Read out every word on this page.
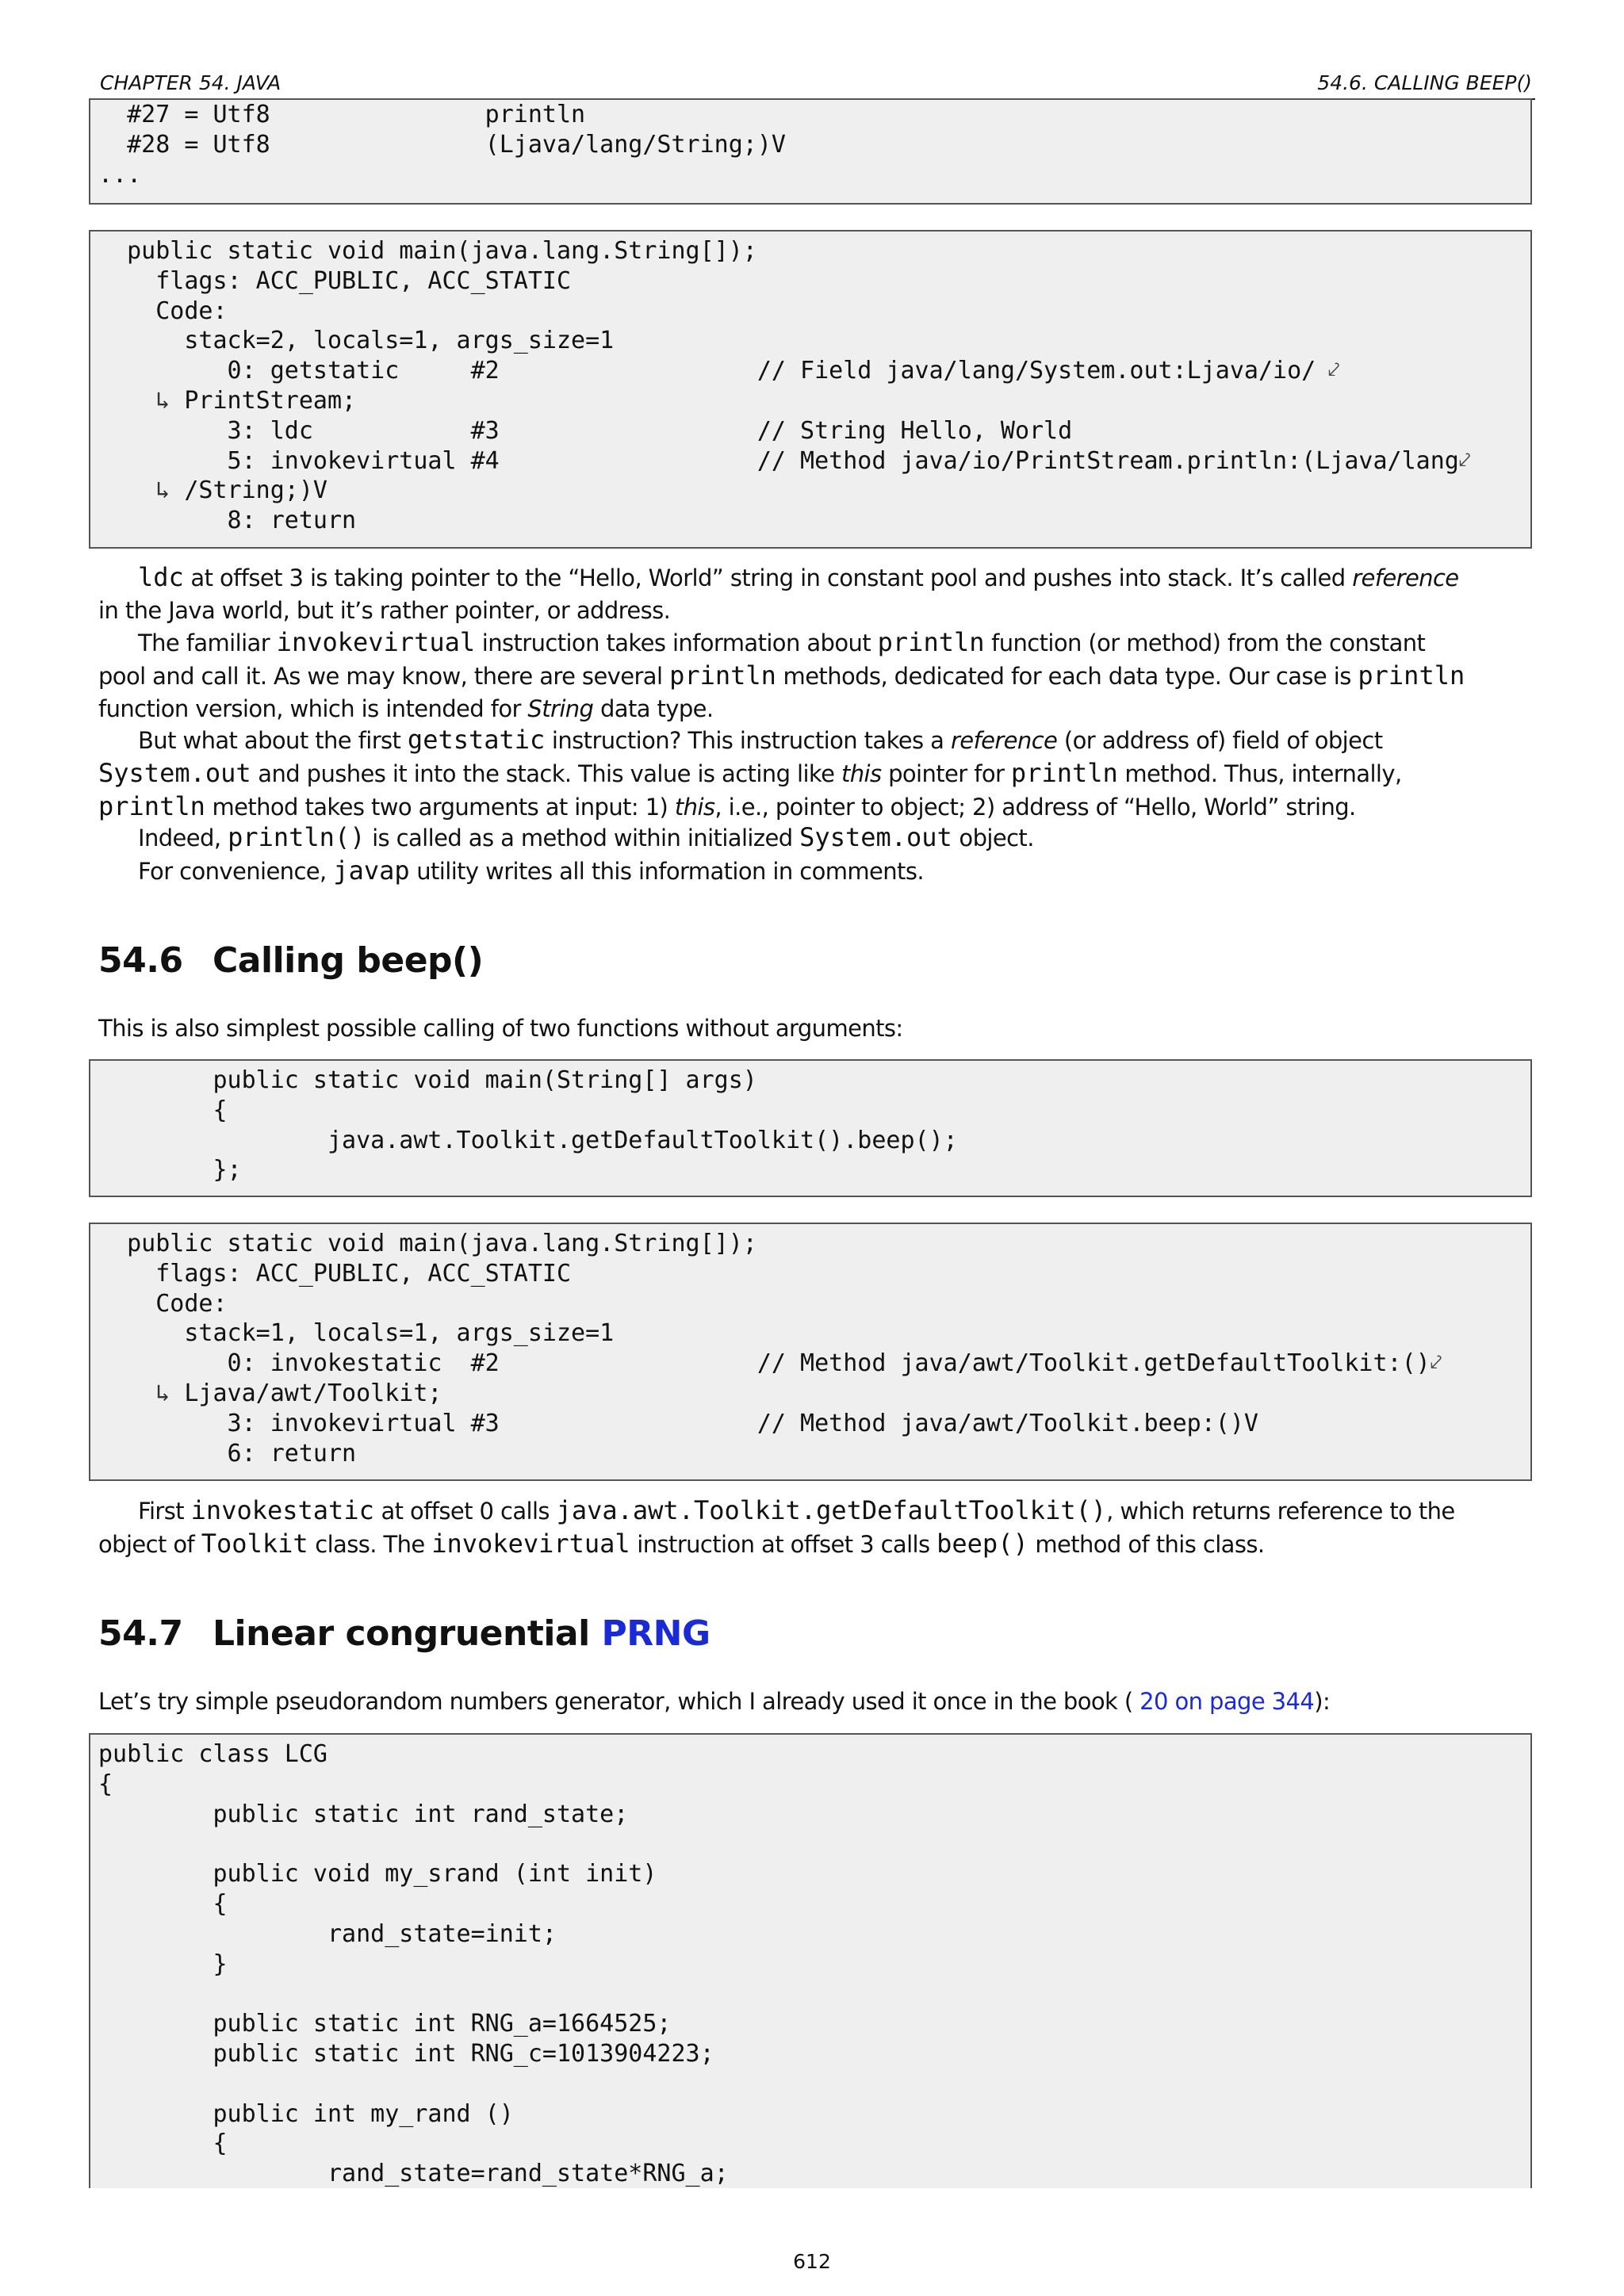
CHAPTER 54. JAVA	54.6. CALLING BEEP()
#27 = Utf8               println
#28 = Utf8               (Ljava/lang/String;)V
...
public static void main(java.lang.String[]);
flags: ACC_PUBLIC, ACC_STATIC
Code:
stack=2, locals=1, args_size=1
0: getstatic     #2                  // Field java/lang/System.out:Ljava/io/ ⤦
↳ PrintStream;
3: ldc           #3                  // String Hello, World
5: invokevirtual #4                  // Method java/io/PrintStream.println:(Ljava/lang ⤦
↳ /String;)V
8: return
ldc at offset 3 is taking pointer to the “Hello, World” string in constant pool and pushes into stack. It’s called reference
in the Java world, but it’s rather pointer, or address.
The familiar invokevirtual instruction takes information about println function (or method) from the constant
pool and call it. As we may know, there are several println methods, dedicated for each data type. Our case is println
function version, which is intended for String data type.
But what about the first getstatic instruction? This instruction takes a reference (or address of) field of object
System.out and pushes it into the stack. This value is acting like this pointer for println method. Thus, internally,
println method takes two arguments at input: 1) this, i.e., pointer to object; 2) address of “Hello, World” string.
Indeed, println() is called as a method within initialized System.out object.
For convenience, javap utility writes all this information in comments.
54.6 Calling beep()
This is also simplest possible calling of two functions without arguments:
public static void main(String[] args)
{
java.awt.Toolkit.getDefaultToolkit().beep();
};
public static void main(java.lang.String[]);
flags: ACC_PUBLIC, ACC_STATIC
Code:
stack=1, locals=1, args_size=1
0: invokestatic  #2                  // Method java/awt/Toolkit.getDefaultToolkit:() ⤦
↳ Ljava/awt/Toolkit;
3: invokevirtual #3                  // Method java/awt/Toolkit.beep:()V
6: return
First invokestatic at offset 0 calls java.awt.Toolkit.getDefaultToolkit(), which returns reference to the
object of Toolkit class. The invokevirtual instruction at offset 3 calls beep() method of this class.
54.7 Linear congruential PRNG
Let’s try simple pseudorandom numbers generator, which I already used it once in the book ( 20 on page 344):
public class LCG
{
public static int rand_state;
public void my_srand (int init)
{
rand_state=init;
}
public static int RNG_a=1664525;
public static int RNG_c=1013904223;
public int my_rand ()
{
rand_state=rand_state*RNG_a;
612
